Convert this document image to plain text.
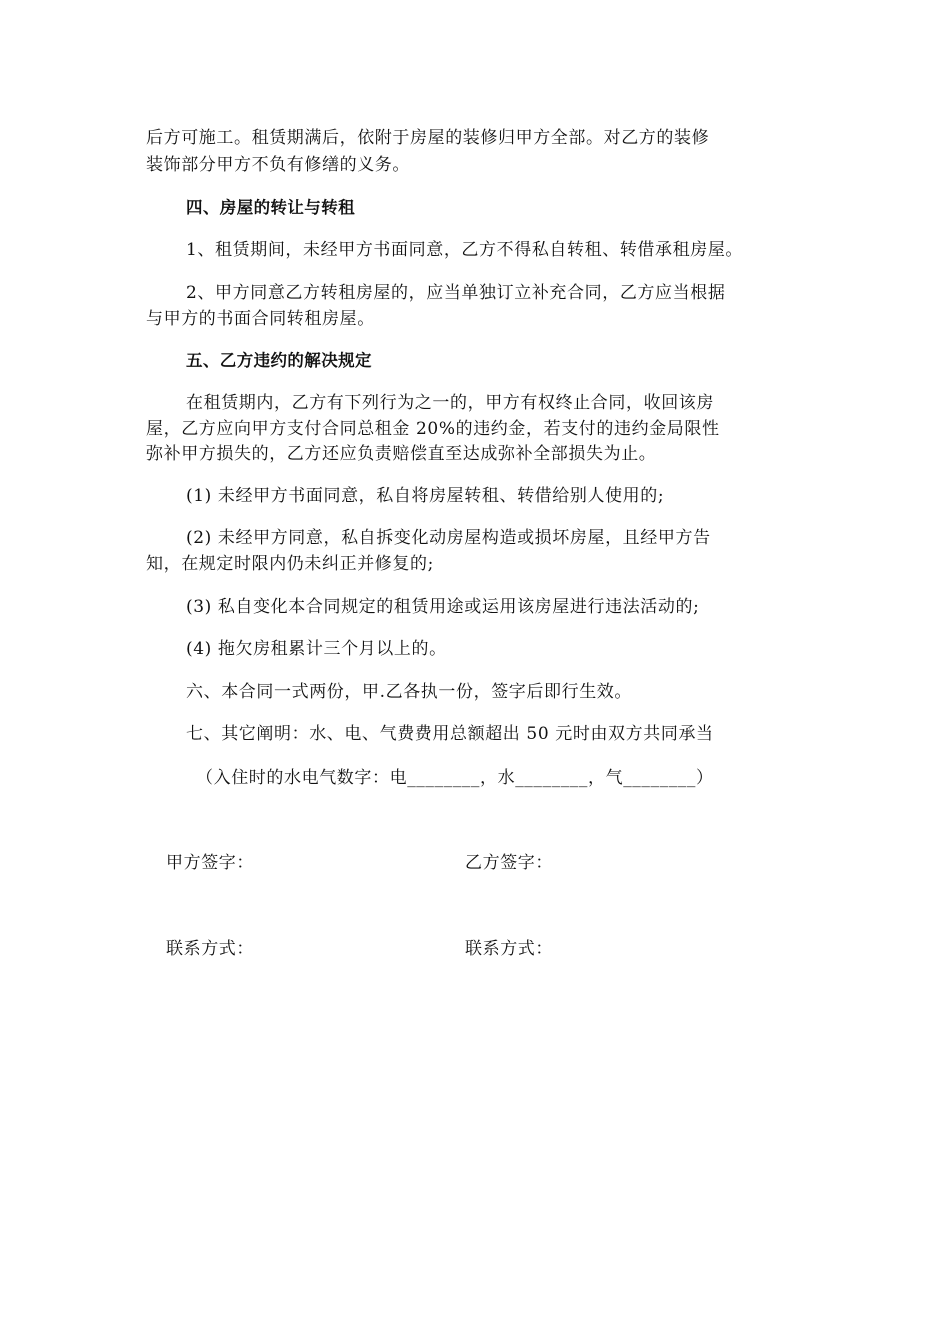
后方可施工。租赁期满后，依附于房屋的装修归甲方全部。对乙方的装修
装饰部分甲方不负有修缮的义务。
四、房屋的转让与转租
1、租赁期间，未经甲方书面同意，乙方不得私自转租、转借承租房屋。
2、甲方同意乙方转租房屋的，应当单独订立补充合同，乙方应当根据
与甲方的书面合同转租房屋。
五、乙方违约的解决规定
在租赁期内，乙方有下列行为之一的，甲方有权终止合同，收回该房
屋，乙方应向甲方支付合同总租金 20%的违约金，若支付的违约金局限性
弥补甲方损失的，乙方还应负责赔偿直至达成弥补全部损失为止。
(1) 未经甲方书面同意，私自将房屋转租、转借给别人使用的;
(2) 未经甲方同意，私自拆变化动房屋构造或损坏房屋，且经甲方告
知，在规定时限内仍未纠正并修复的;
(3) 私自变化本合同规定的租赁用途或运用该房屋进行违法活动的;
(4) 拖欠房租累计三个月以上的。
六、本合同一式两份，甲.乙各执一份，签字后即行生效。
七、其它阐明：水、电、气费费用总额超出 50 元时由双方共同承当
（入住时的水电气数字：电________，水________，气________）
甲方签字：	乙方签字：
联系方式：	联系方式：
